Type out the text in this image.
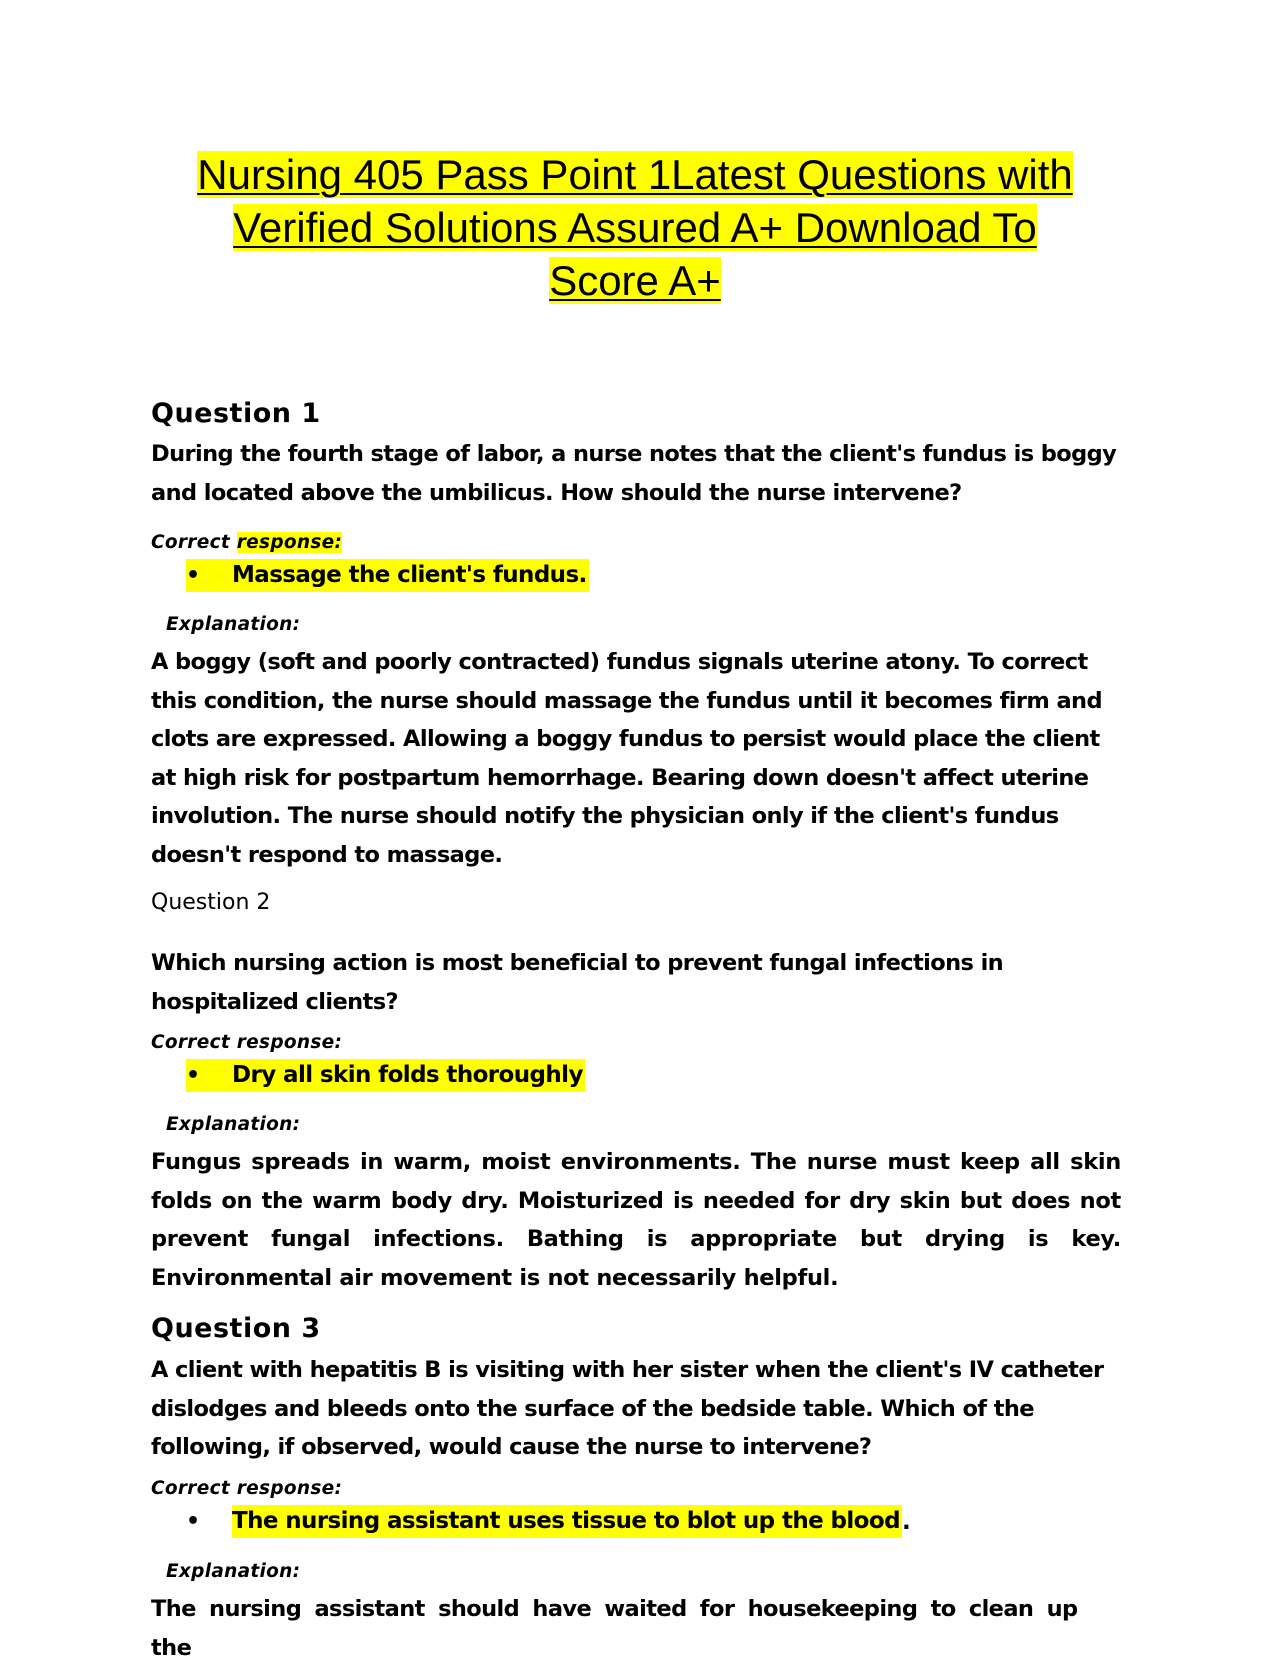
Nursing 405 Pass Point 1Latest Questions with
Verified Solutions Assured A+ Download To
Score A+
Question 1
During the fourth stage of labor, a nurse notes that the client's fundus is boggy and located above the umbilicus. How should the nurse intervene?
Correct response:
•	Massage the client's fundus.
Explanation:
A boggy (soft and poorly contracted) fundus signals uterine atony. To correct this condition, the nurse should massage the fundus until it becomes firm and clots are expressed. Allowing a boggy fundus to persist would place the client at high risk for postpartum hemorrhage. Bearing down doesn't affect uterine involution. The nurse should notify the physician only if the client's fundus doesn't respond to massage.
Question 2
Which nursing action is most beneficial to prevent fungal infections in hospitalized clients?
Correct response:
•	Dry all skin folds thoroughly
Explanation:
Fungus spreads in warm, moist environments. The nurse must keep all skin folds on the warm body dry. Moisturized is needed for dry skin but does not prevent fungal infections. Bathing is appropriate but drying is key. Environmental air movement is not necessarily helpful.
Question 3
A client with hepatitis B is visiting with her sister when the client's IV catheter dislodges and bleeds onto the surface of the bedside table. Which of the following, if observed, would cause the nurse to intervene?
Correct response:
•	The nursing assistant uses tissue to blot up the blood .
Explanation:
The nursing assistant should have waited for housekeeping to clean up the
